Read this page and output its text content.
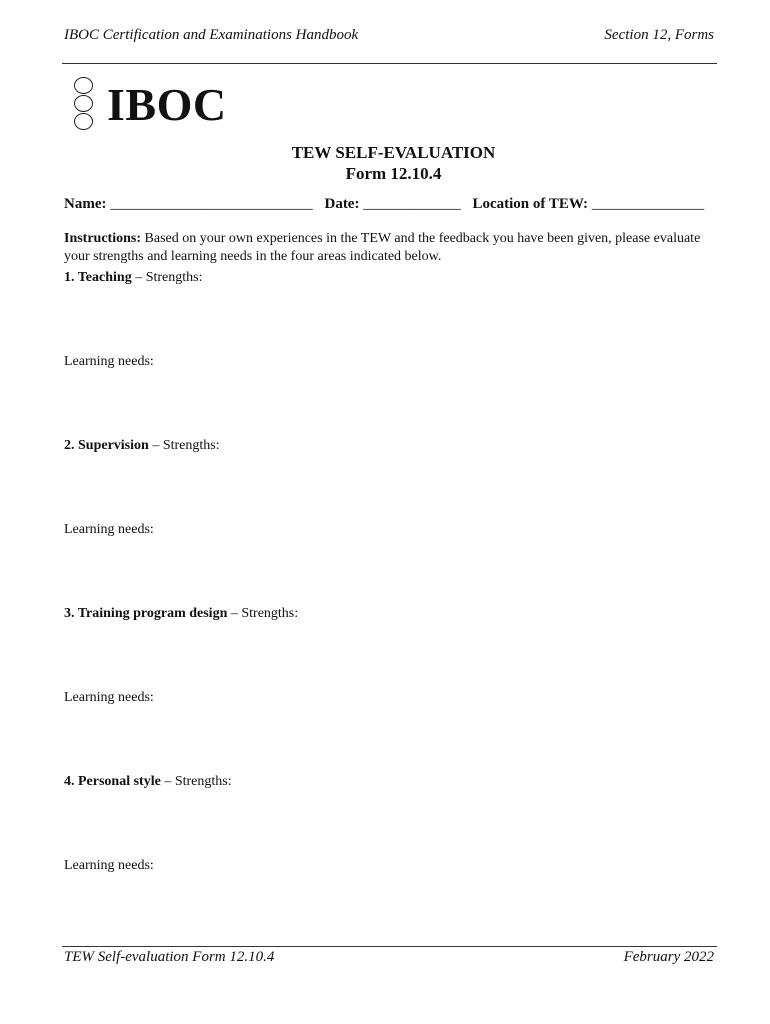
IBOC Certification and Examinations Handbook	Section 12, Forms
IBOC
TEW SELF-EVALUATION
Form 12.10.4
Name: ___________________________ Date: _____________ Location of TEW: _______________
Instructions: Based on your own experiences in the TEW and the feedback you have been given, please evaluate your strengths and learning needs in the four areas indicated below.
1. Teaching – Strengths:
Learning needs:
2. Supervision – Strengths:
Learning needs:
3. Training program design – Strengths:
Learning needs:
4. Personal style – Strengths:
Learning needs:
TEW Self-evaluation Form 12.10.4	February 2022
